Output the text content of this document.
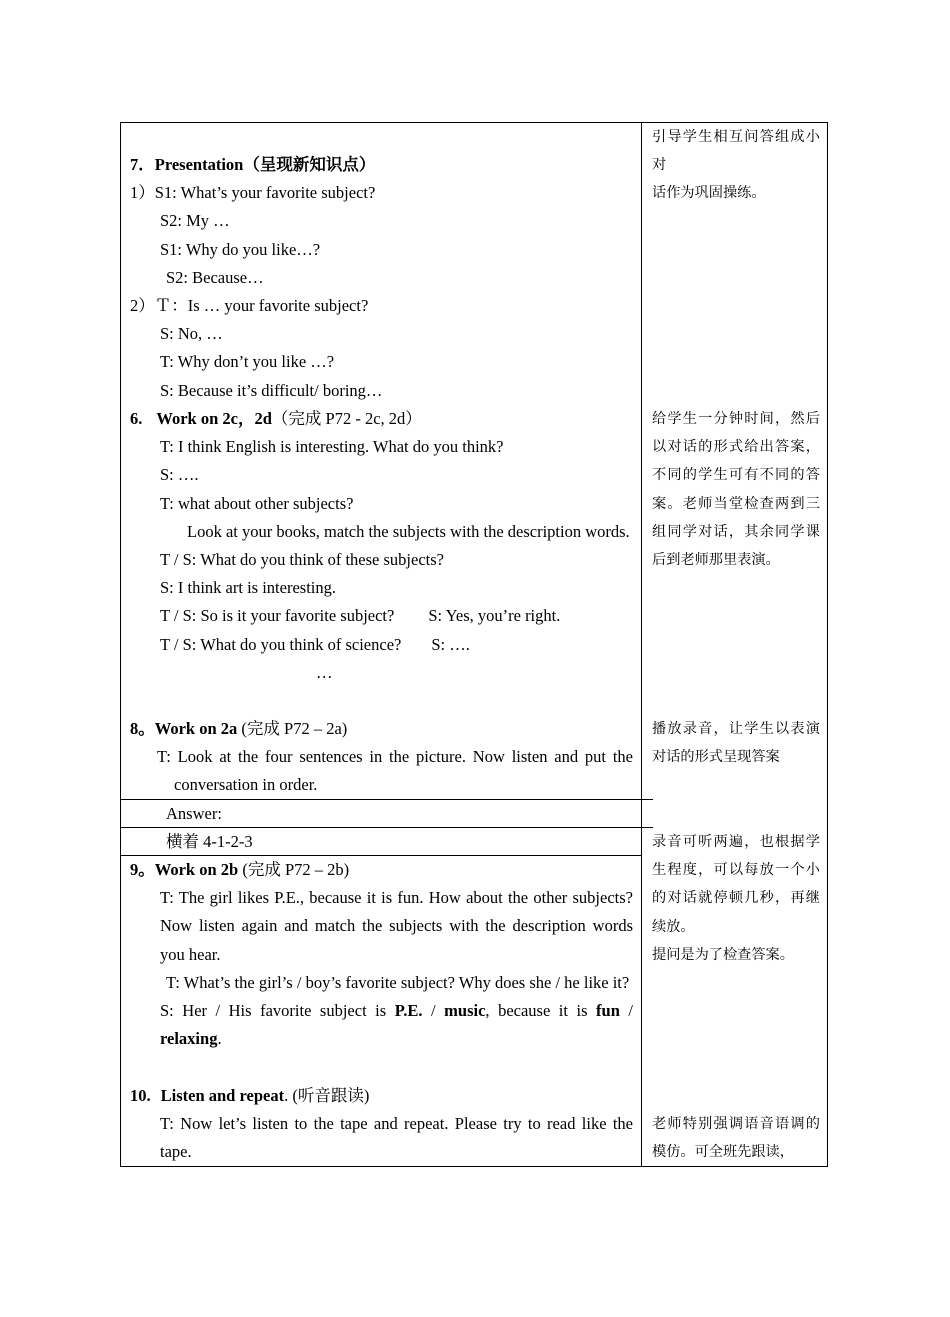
7．Presentation（呈现新知识点）

1）S1: What’s your favorite subject?

S2: My …

S1: Why do you like…?

S2: Because…

2）Ｔ：Is … your favorite subject?

S: No, …

T: Why don’t you like …?

S: Because it’s difficult/ boring…

引导学生相互问答组成小对

话作为巩固操练。

6. Work on 2c，2d（完成 P72 - 2c, 2d）

T: I think English is interesting. What do you think?

S: ….

T: what about other subjects?

Look at your books, match the subjects with the description words.

T / S: What do you think of these subjects?

S: I think art is interesting.

T / S: So is it your favorite subject? S: Yes, you’re right.

T / S: What do you think of science? S: ….

…

给学生一分钟时间，然后以对话的形式给出答案，不同的学生可有不同的答案。老师当堂检查两到三组同学对话，其余同学课后到老师那里表演。

8。Work on 2a (完成 P72 – 2a)

T: Look at the four sentences in the picture. Now listen and put the conversation in order.

播放录音，让学生以表演对话的形式呈现答案

Answer:

横着 4-1-2-3	录音可听两遍，也根据学生程度，可以每放一个小的对话就停顿几秒，再继续放。

提问是为了检查答案。

9。Work on 2b (完成 P72 – 2b)

T: The girl likes P.E., because it is fun. How about the other subjects? Now listen again and match the subjects with the description words you hear.

T: What’s the girl’s / boy’s favorite subject? Why does she / he like it?

S: Her / His favorite subject is P.E. / music, because it is fun / relaxing.

10. Listen and repeat. (听音跟读)

T: Now let’s listen to the tape and repeat. Please try to read like the tape.

老师特别强调语音语调的模仿。可全班先跟读，
